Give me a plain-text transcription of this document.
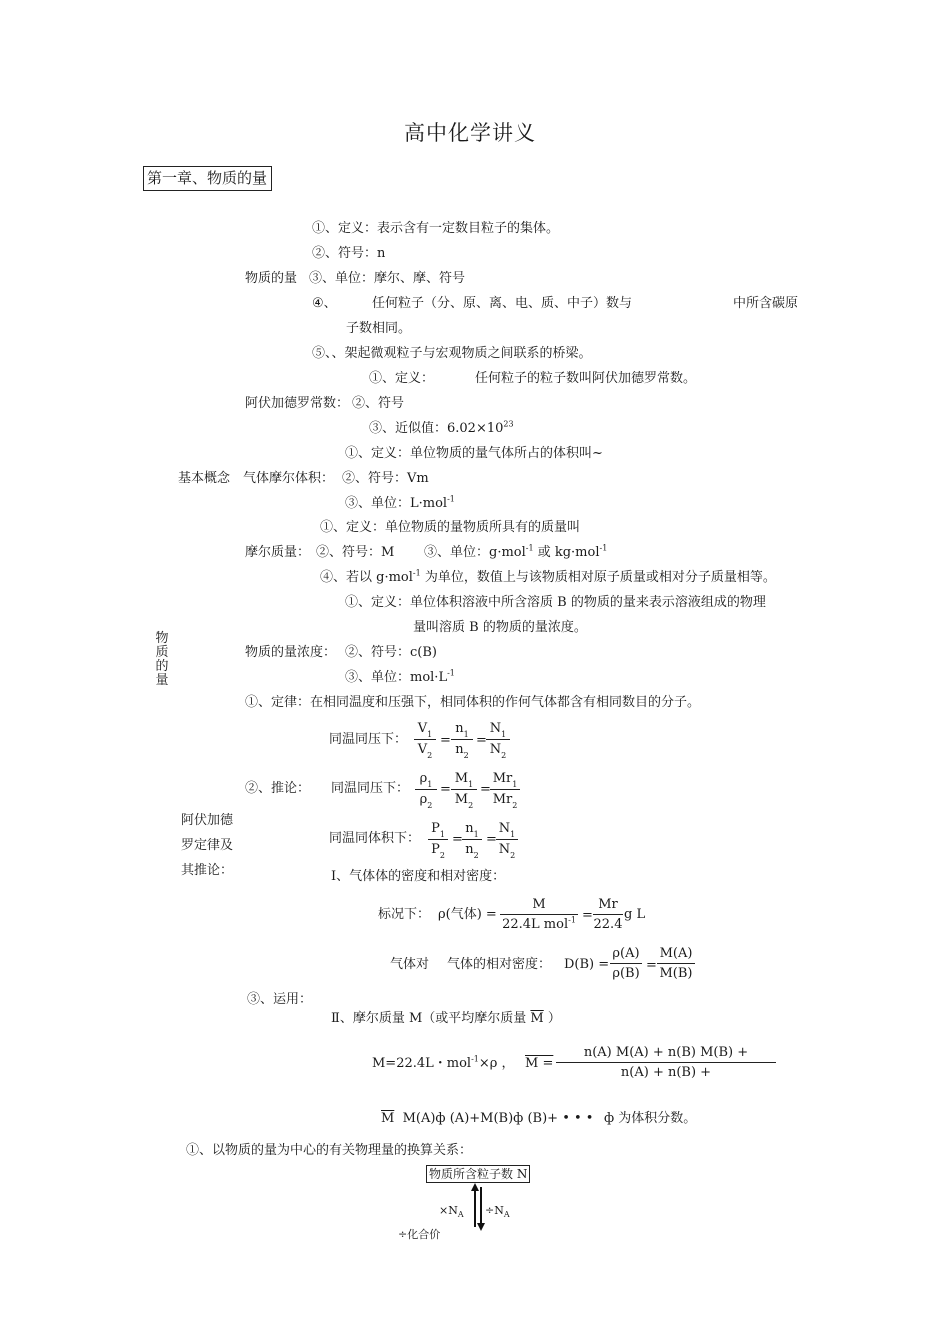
高中化学讲义
第一章、物质的量
①、定义：表示含有一定数目粒子的集体。
②、符号：n
物质的量 ③、单位：摩尔、摩、符号
④、	任何粒子（分、原、离、电、质、中子）数与	中所含碳原
子数相同。
⑤、、架起微观粒子与宏观物质之间联系的桥梁。
①、定义：	任何粒子的粒子数叫阿伏加德罗常数。
阿伏加德罗常数： ②、符号
③、近似值：$6.02\times 10^{23}$
①、定义：单位物质的量气体所占的体积叫~
基本概念 气体摩尔体积： ②、符号：Vm
③、单位：L·mol$^{-1}$
①、定义：单位物质的量物质所具有的质量叫
摩尔质量： ②、符号：M ③、单位：g·mol$^{-1}$ 或 kg·mol$^{-1}$
④、若以 g·mol$^{-1}$ 为单位，数值上与该物质相对原子质量或相对分子质量相等。
①、定义：单位体积溶液中所含溶质 B 的物质的量来表示溶液组成的物理
量叫溶质 B 的物质的量浓度。
物质的量
物质的量浓度： ②、符号：c(B)
③、单位：$mol\cdot L^{-1}$
①、定律：在相同温度和压强下，相同体积的作何气体都含有相同数目的分子。
同温同压下： $\frac{V_1}{V_2} = \frac{n_1}{n_2} = \frac{N_1}{N_2}$
②、推论： 同温同压下： $\frac{\rho_1}{\rho_2} = \frac{M_1}{M_2} = \frac{Mr_1}{Mr_2}$
阿伏加德
罗定律及
其推论：
同温同体积下： $\frac{P_1}{P_2} = \frac{n_1}{n_2} = \frac{N_1}{N_2}$
Ⅰ、气体体的密度和相对密度：
标况下： ρ(气体) =
M
22.4L $mol^{-1} = \frac{Mr}{22.4}$ g L
气体对 气体的相对密度： $D(B) = \frac{\rho(A)}{\rho(B)} = \frac{M(A)}{M(B)}$
③、运用：
Ⅱ、摩尔质量 M（或平均摩尔质量 $\overline{M}$ ）
M=22.4L・mol$^{-1}$×ρ ， $M = \frac{n(A) M(A) + n(B) M(B) +}{n(A) + n(B) +}$
$\overline{M}$ M(A)ф (A)+M(B)ф (B)+ • • • ф 为体积分数。
①、以物质的量为中心的有关物理量的换算关系：
物质所含粒子数 N
$\times N_A \div N_A$
÷化合价
